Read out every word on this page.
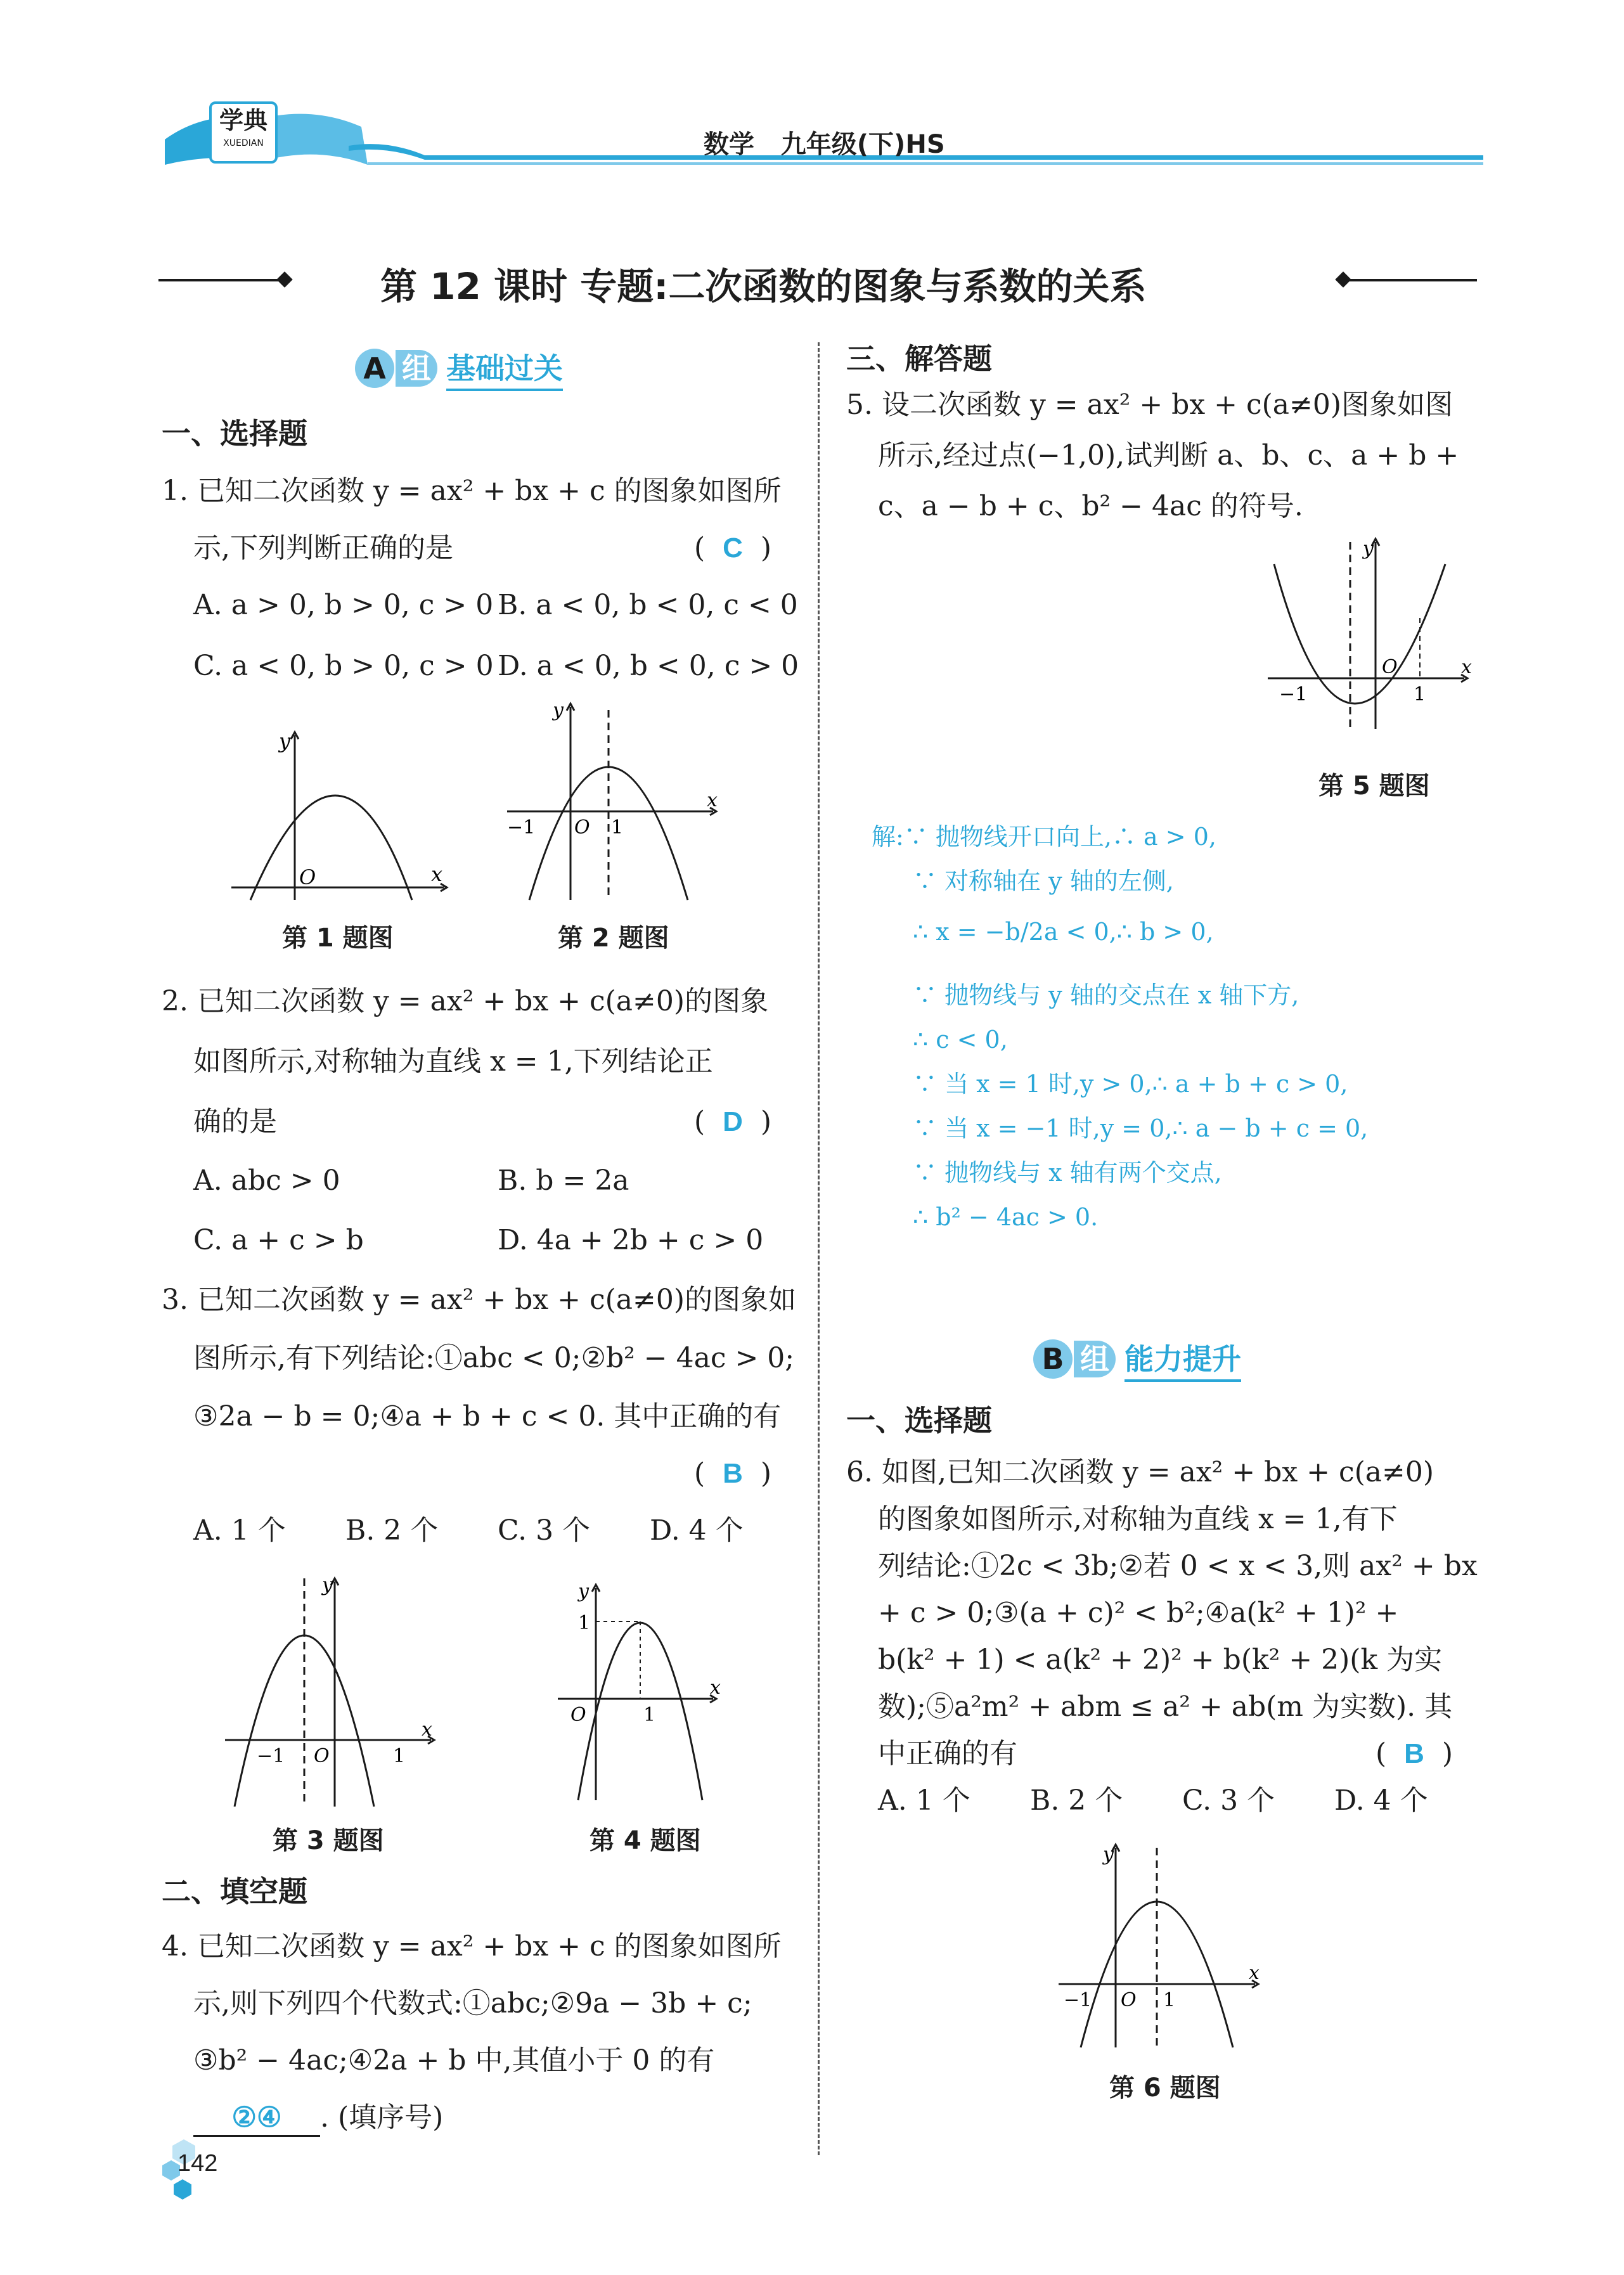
学典
XUEDIAN	数学 九年级(下)HS
第 12 课时 专题:二次函数的图象与系数的关系
A 组 基础过关
一、选择题
1. 已知二次函数 y = ax² + bx + c 的图象如图所
示,下列判断正确的是	(  C  )
A. a > 0, b > 0, c > 0 B. a < 0, b < 0, c < 0
C. a < 0, b > 0, c > 0 D. a < 0, b < 0, c > 0
y
O	x
第 1 题图
y
−1 O 1
x
第 2 题图
2. 已知二次函数 y = ax² + bx + c(a≠0)的图象
如图所示,对称轴为直线 x = 1,下列结论正
确的是	(  D  )
A. abc > 0	B. b = 2a
C. a + c > b	D. 4a + 2b + c > 0
3. 已知二次函数 y = ax² + bx + c(a≠0)的图象如
图所示,有下列结论:①abc < 0;②b² − 4ac > 0;
③2a − b = 0;④a + b + c < 0. 其中正确的有
(  B  )
A. 1 个 B. 2 个 C. 3 个 D. 4 个
y
−1 O	1
x
第 3 题图
y
1
O	1
x
第 4 题图
二、填空题
4. 已知二次函数 y = ax² + bx + c 的图象如图所
示,则下列四个代数式:①abc;②9a − 3b + c;
③b² − 4ac;④2a + b 中,其值小于 0 的有
②④ . (填序号)
142
三、解答题
5. 设二次函数 y = ax² + bx + c(a≠0)图象如图
所示,经过点(−1,0),试判断 a、b、c、a + b +
c、a − b + c、b² − 4ac 的符号.
y
−1
O
1
x
第 5 题图
解:∵ 抛物线开口向上,∴ a > 0,
∵ 对称轴在 y 轴的左侧,
∴ x = −b/2a < 0,∴ b > 0,
∵ 抛物线与 y 轴的交点在 x 轴下方,
∴ c < 0,
∵ 当 x = 1 时,y > 0,∴ a + b + c > 0,
∵ 当 x = −1 时,y = 0,∴ a − b + c = 0,
∵ 抛物线与 x 轴有两个交点,
∴ b² − 4ac > 0.
B 组 能力提升
一、选择题
6. 如图,已知二次函数 y = ax² + bx + c(a≠0)
的图象如图所示,对称轴为直线 x = 1,有下
列结论:①2c < 3b;②若 0 < x < 3,则 ax² + bx
+ c > 0;③(a + c)² < b²;④a(k² + 1)² +
b(k² + 1) < a(k² + 2)² + b(k² + 2)(k 为实
数);⑤a²m² + abm ≤ a² + ab(m 为实数). 其
中正确的有	(  B  )
A. 1 个 B. 2 个 C. 3 个 D. 4 个
y
−1 O 1
x
第 6 题图
